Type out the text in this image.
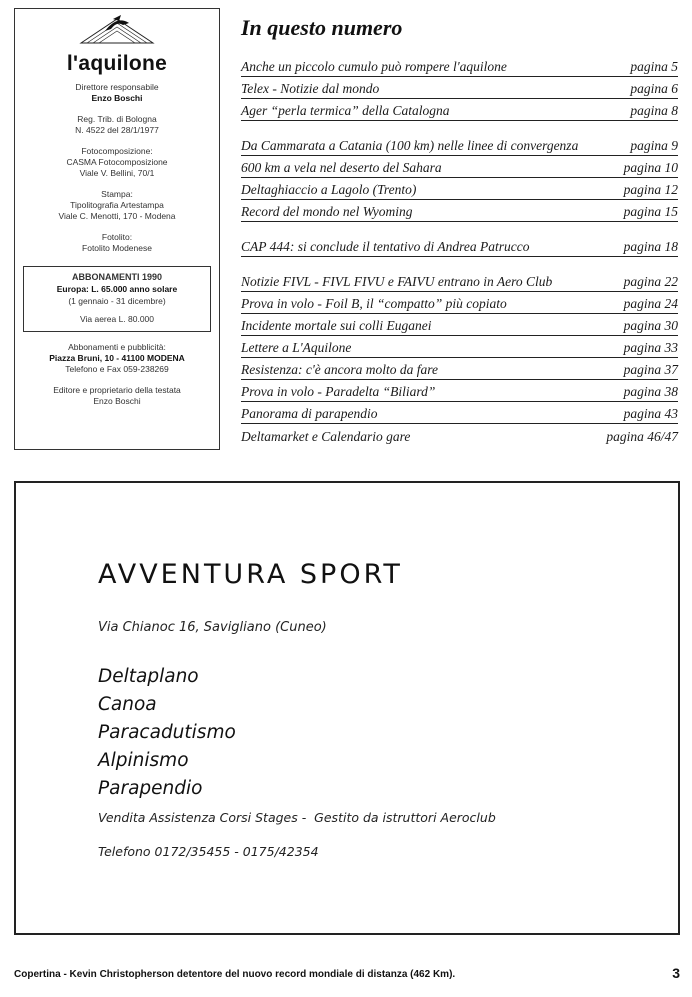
l'aquilone
Direttore responsabile
Enzo Boschi
Reg. Trib. di Bologna
N. 4522 del 28/1/1977
Fotocomposizione:
CASMA Fotocomposizione
Viale V. Bellini, 70/1
Stampa:
Tipolitografia Artestampa
Viale C. Menotti, 170 - Modena
Fotolito:
Fotolito Modenese
ABBONAMENTI 1990
Europa: L. 65.000 anno solare
(1 gennaio - 31 dicembre)
Via aerea L. 80.000
Abbonamenti e pubblicità:
Piazza Bruni, 10 - 41100 MODENA
Telefono e Fax 059-238269
Editore e proprietario della testata
Enzo Boschi
In questo numero
Anche un piccolo cumulo può rompere l'aquilone	pagina 5
Telex - Notizie dal mondo	pagina 6
Ager “perla termica” della Catalogna	pagina 8
Da Cammarata a Catania (100 km) nelle linee di convergenza	pagina 9
600 km a vela nel deserto del Sahara	pagina 10
Deltaghiaccio a Lagolo (Trento)	pagina 12
Record del mondo nel Wyoming	pagina 15
CAP 444: si conclude il tentativo di Andrea Patrucco	pagina 18
Notizie FIVL - FIVL FIVU e FAIVU entrano in Aero Club	pagina 22
Prova in volo - Foil B, il “compatto” più copiato	pagina 24
Incidente mortale sui colli Euganei	pagina 30
Lettere a L'Aquilone	pagina 33
Resistenza: c'è ancora molto da fare	pagina 37
Prova in volo - Paradelta “Biliard”	pagina 38
Panorama di parapendio	pagina 43
Deltamarket e Calendario gare	pagina 46/47
AVVENTURA SPORT
Via Chianoc 16, Savigliano (Cuneo)
Deltaplano
Canoa
Paracadutismo
Alpinismo
Parapendio
Vendita Assistenza Corsi Stages -  Gestito da istruttori Aeroclub
Telefono 0172/35455 - 0175/42354
Copertina - Kevin Christopherson detentore del nuovo record mondiale di distanza (462 Km).	3
